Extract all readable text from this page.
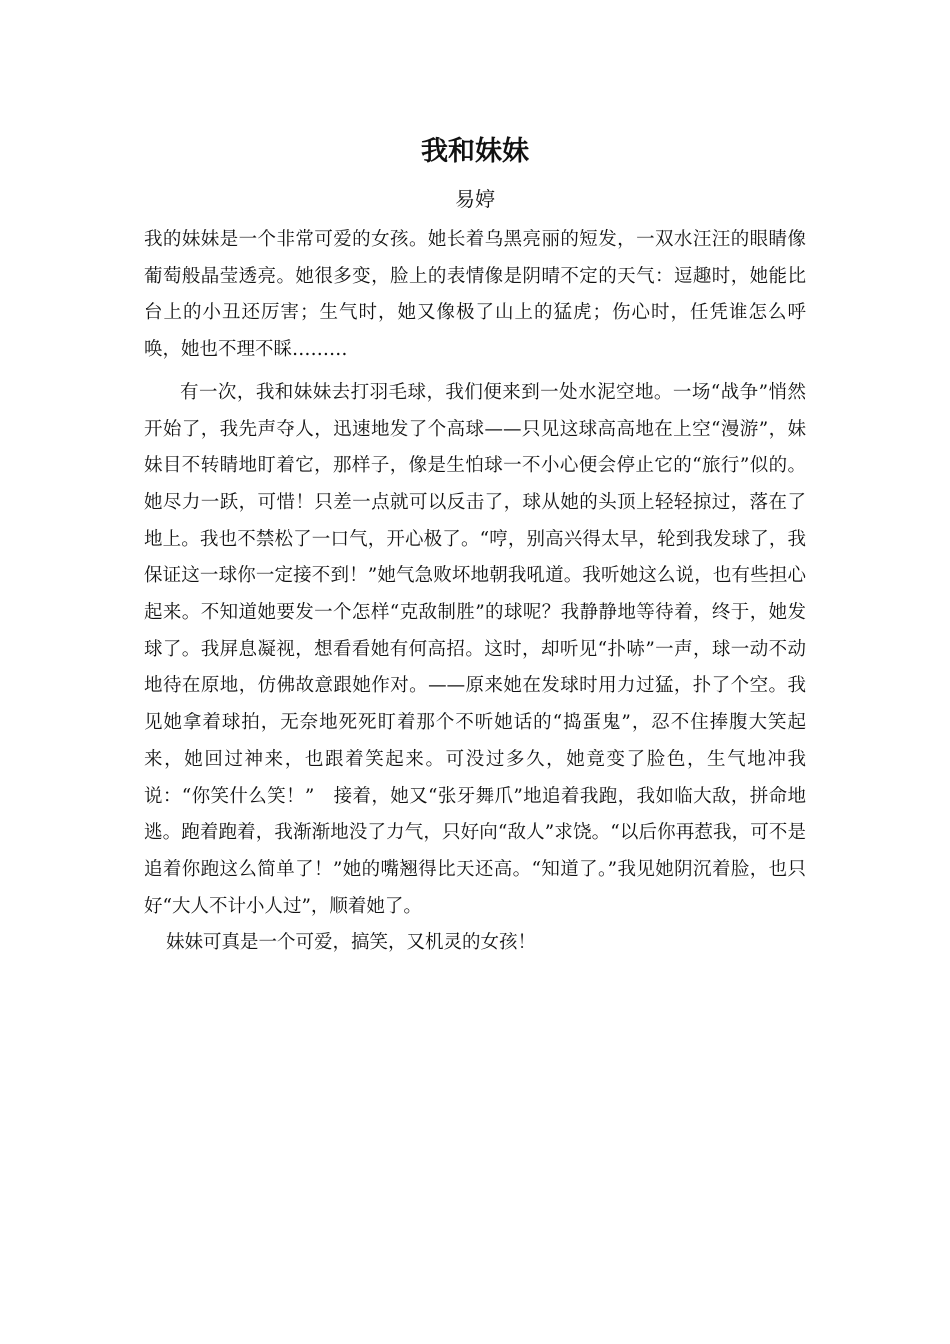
我和妹妹
易婷

我的妹妹是一个非常可爱的女孩。她长着乌黑亮丽的短发，一双水汪汪的眼睛像葡萄般晶莹透亮。她很多变，脸上的表情像是阴晴不定的天气：逗趣时，她能比台上的小丑还厉害；生气时，她又像极了山上的猛虎；伤心时，任凭谁怎么呼唤，她也不理不睬………

有一次，我和妹妹去打羽毛球，我们便来到一处水泥空地。一场“战争”悄然开始了，我先声夺人，迅速地发了个高球——只见这球高高地在上空“漫游”，妹妹目不转睛地盯着它，那样子，像是生怕球一不小心便会停止它的“旅行”似的。她尽力一跃，可惜！只差一点就可以反击了，球从她的头顶上轻轻掠过，落在了地上。我也不禁松了一口气，开心极了。“哼，别高兴得太早，轮到我发球了，我保证这一球你一定接不到！”她气急败坏地朝我吼道。我听她这么说，也有些担心起来。不知道她要发一个怎样“克敌制胜”的球呢？我静静地等待着，终于，她发球了。我屏息凝视，想看看她有何高招。这时，却听见“扑哧”一声，球一动不动地待在原地，仿佛故意跟她作对。——原来她在发球时用力过猛，扑了个空。我见她拿着球拍，无奈地死死盯着那个不听她话的“捣蛋鬼”，忍不住捧腹大笑起来，她回过神来，也跟着笑起来。可没过多久，她竟变了脸色，生气地冲我说：“你笑什么笑！”　接着，她又“张牙舞爪”地追着我跑，我如临大敌，拼命地逃。跑着跑着，我渐渐地没了力气，只好向“敌人”求饶。“以后你再惹我，可不是追着你跑这么简单了！”她的嘴翘得比天还高。“知道了。”我见她阴沉着脸，也只好“大人不计小人过”，顺着她了。

妹妹可真是一个可爱，搞笑，又机灵的女孩！
